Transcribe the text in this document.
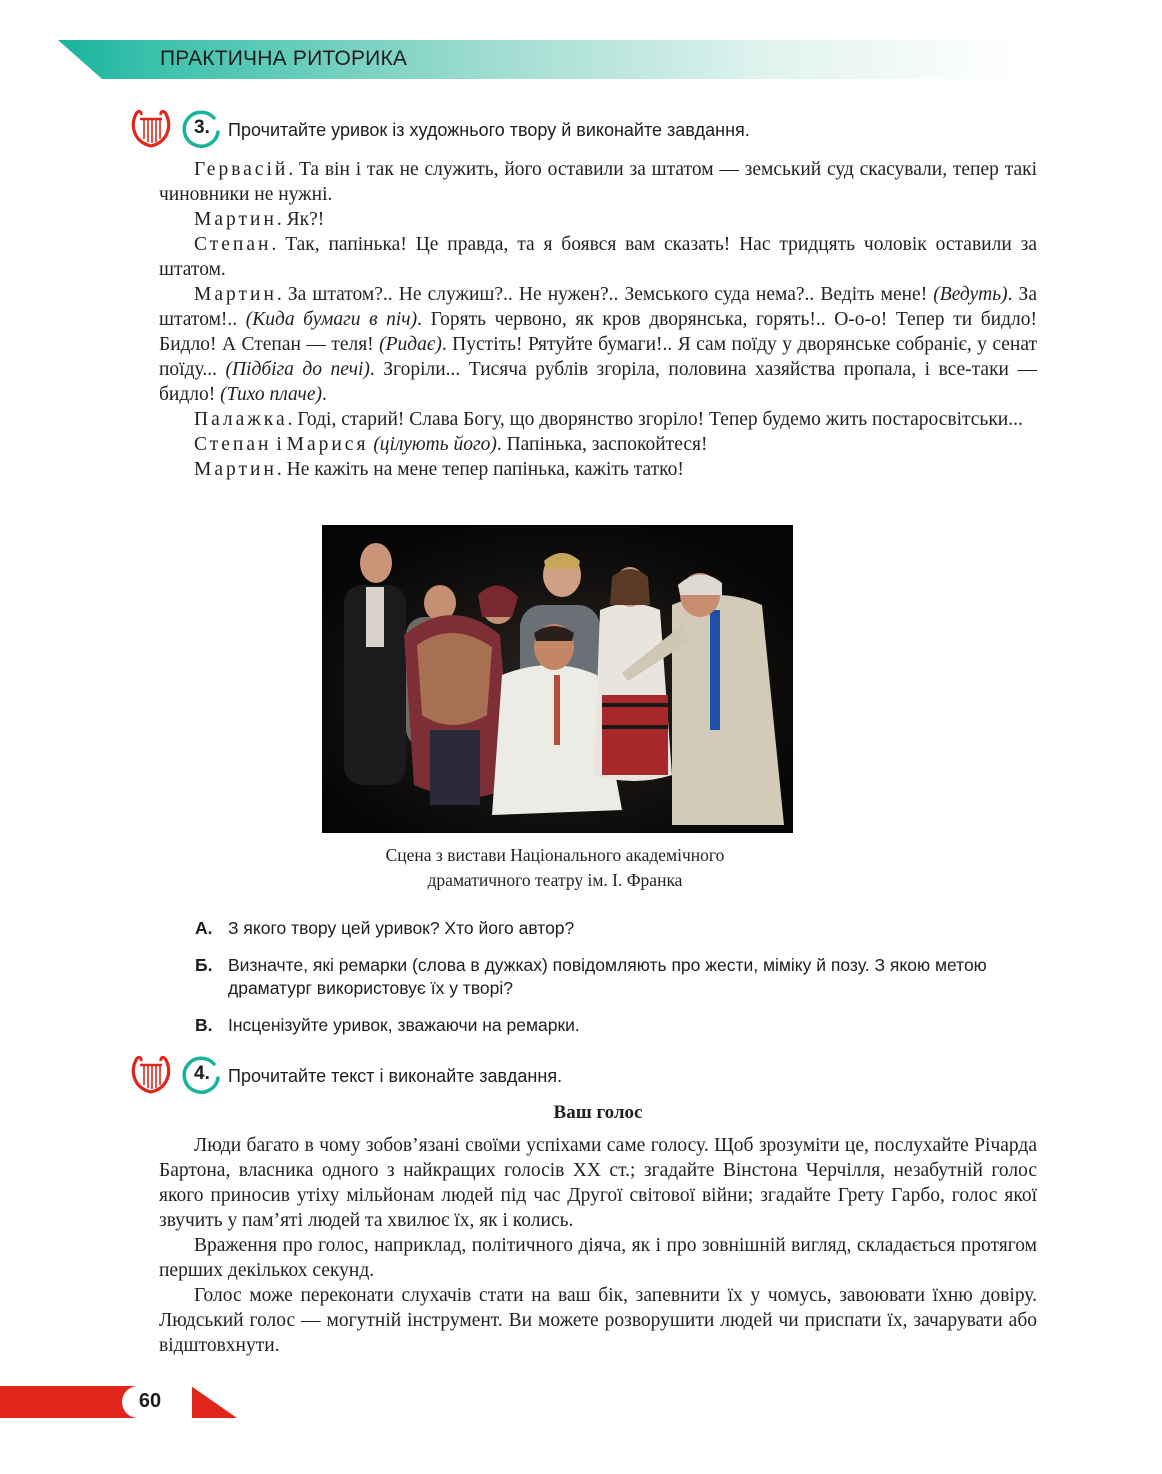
ПРАКТИЧНА РИТОРИКА
3. Прочитайте уривок із художнього твору й виконайте завдання.

Гервасій. Та він і так не служить, його оставили за штатом — земський суд скасували, тепер такі чиновники не нужні.

Мартин. Як?!

Степан. Так, папінька! Це правда, та я боявся вам сказать! Нас тридцять чоловік оставили за штатом.

Мартин. За штатом?.. Не служиш?.. Не нужен?.. Земського суда нема?.. Ведіть мене! (Ведуть). За штатом!.. (Кида бумаги в піч). Горять червоно, як кров дворянська, горять!.. О-о-о! Тепер ти бидло! Бидло! А Степан — теля! (Ридає). Пустіть! Рятуйте бумаги!.. Я сам поїду у дворянське собраніє, у сенат поїду... (Підбіга до печі). Згоріли... Тисяча рублів згоріла, половина хазяйства пропала, і все-таки — бидло! (Тихо плаче).

Палажка. Годі, старий! Слава Богу, що дворянство згоріло! Тепер будемо жить постаросвітськи...

Степан і Марися (цілують його). Папінька, заспокойтеся!

Мартин. Не кажіть на мене тепер папінька, кажіть татко!

Сцена з вистави Національного академічного
драматичного театру ім. І. Франка
А. З якого твору цей уривок? Хто його автор?
Б. Визначте, які ремарки (слова в дужках) повідомляють про жести, міміку й позу. З якою метою драматург використовує їх у творі?
В. Інсценізуйте уривок, зважаючи на ремарки.
4. Прочитайте текст і виконайте завдання.
Ваш голос

Люди багато в чому зобов’язані своїми успіхами саме голосу. Щоб зрозуміти це, послухайте Річарда Бартона, власника одного з найкращих голосів XX ст.; згадайте Вінстона Черчілля, незабутній голос якого приносив утіху мільйонам людей під час Другої світової війни; згадайте Грету Гарбо, голос якої звучить у пам’яті людей та хвилює їх, як і колись.

Враження про голос, наприклад, політичного діяча, як і про зовнішній вигляд, складається протягом перших декількох секунд.

Голос може переконати слухачів стати на ваш бік, запевнити їх у чомусь, завоювати їхню довіру. Людський голос — могутній інструмент. Ви можете розворушити людей чи приспати їх, зачарувати або відштовхнути.

60
